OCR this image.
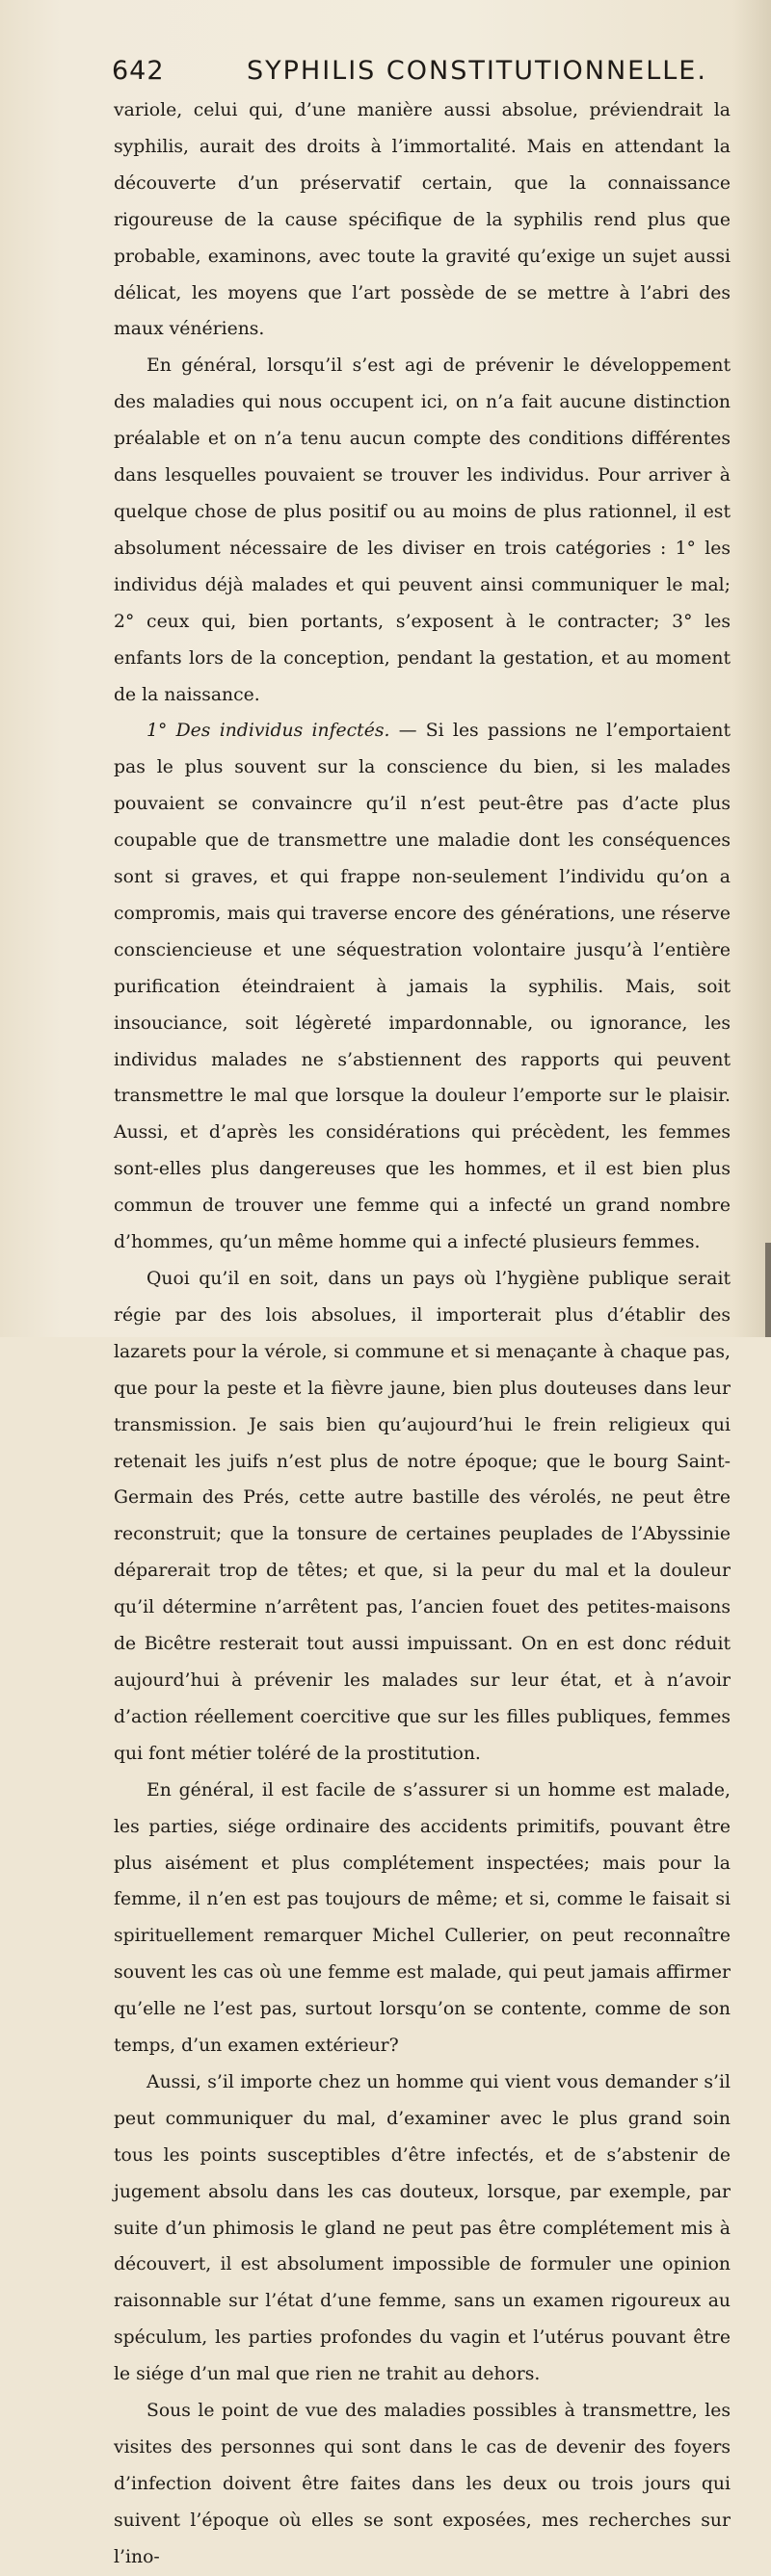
642	SYPHILIS CONSTITUTIONNELLE.

variole, celui qui, d’une manière aussi absolue, préviendrait la syphilis, aurait des droits à l’immortalité. Mais en attendant la découverte d’un préservatif certain, que la connaissance rigoureuse de la cause spécifique de la syphilis rend plus que probable, examinons, avec toute la gravité qu’exige un sujet aussi délicat, les moyens que l’art possède de se mettre à l’abri des maux vénériens.

En général, lorsqu’il s’est agi de prévenir le développement des maladies qui nous occupent ici, on n’a fait aucune distinction préalable et on n’a tenu aucun compte des conditions différentes dans lesquelles pouvaient se trouver les individus. Pour arriver à quelque chose de plus positif ou au moins de plus rationnel, il est absolument nécessaire de les diviser en trois catégories : 1° les individus déjà malades et qui peuvent ainsi communiquer le mal; 2° ceux qui, bien portants, s’exposent à le contracter; 3° les enfants lors de la conception, pendant la gestation, et au moment de la naissance.

1° Des individus infectés. — Si les passions ne l’emportaient pas le plus souvent sur la conscience du bien, si les malades pouvaient se convaincre qu’il n’est peut-être pas d’acte plus coupable que de transmettre une maladie dont les conséquences sont si graves, et qui frappe non-seulement l’individu qu’on a compromis, mais qui traverse encore des générations, une réserve consciencieuse et une séquestration volontaire jusqu’à l’entière purification éteindraient à jamais la syphilis. Mais, soit insouciance, soit légèreté impardonnable, ou ignorance, les individus malades ne s’abstiennent des rapports qui peuvent transmettre le mal que lorsque la douleur l’emporte sur le plaisir. Aussi, et d’après les considérations qui précèdent, les femmes sont-elles plus dangereuses que les hommes, et il est bien plus commun de trouver une femme qui a infecté un grand nombre d’hommes, qu’un même homme qui a infecté plusieurs femmes.

Quoi qu’il en soit, dans un pays où l’hygiène publique serait régie par des lois absolues, il importerait plus d’établir des lazarets pour la vérole, si commune et si menaçante à chaque pas, que pour la peste et la fièvre jaune, bien plus douteuses dans leur transmission. Je sais bien qu’aujourd’hui le frein religieux qui retenait les juifs n’est plus de notre époque; que le bourg Saint-Germain des Prés, cette autre bastille des vérolés, ne peut être reconstruit; que la tonsure de certaines peuplades de l’Abyssinie déparerait trop de têtes; et que, si la peur du mal et la douleur qu’il détermine n’arrêtent pas, l’ancien fouet des petites-maisons de Bicêtre resterait tout aussi impuissant. On en est donc réduit aujourd’hui à prévenir les malades sur leur état, et à n’avoir d’action réellement coercitive que sur les filles publiques, femmes qui font métier toléré de la prostitution.

En général, il est facile de s’assurer si un homme est malade, les parties, siége ordinaire des accidents primitifs, pouvant être plus aisément et plus complétement inspectées; mais pour la femme, il n’en est pas toujours de même; et si, comme le faisait si spirituellement remarquer Michel Cullerier, on peut reconnaître souvent les cas où une femme est malade, qui peut jamais affirmer qu’elle ne l’est pas, surtout lorsqu’on se contente, comme de son temps, d’un examen extérieur?

Aussi, s’il importe chez un homme qui vient vous demander s’il peut communiquer du mal, d’examiner avec le plus grand soin tous les points susceptibles d’être infectés, et de s’abstenir de jugement absolu dans les cas douteux, lorsque, par exemple, par suite d’un phimosis le gland ne peut pas être complétement mis à découvert, il est absolument impossible de formuler une opinion raisonnable sur l’état d’une femme, sans un examen rigoureux au spéculum, les parties profondes du vagin et l’utérus pouvant être le siége d’un mal que rien ne trahit au dehors.

Sous le point de vue des maladies possibles à transmettre, les visites des personnes qui sont dans le cas de devenir des foyers d’infection doivent être faites dans les deux ou trois jours qui suivent l’époque où elles se sont exposées, mes recherches sur l’ino-
